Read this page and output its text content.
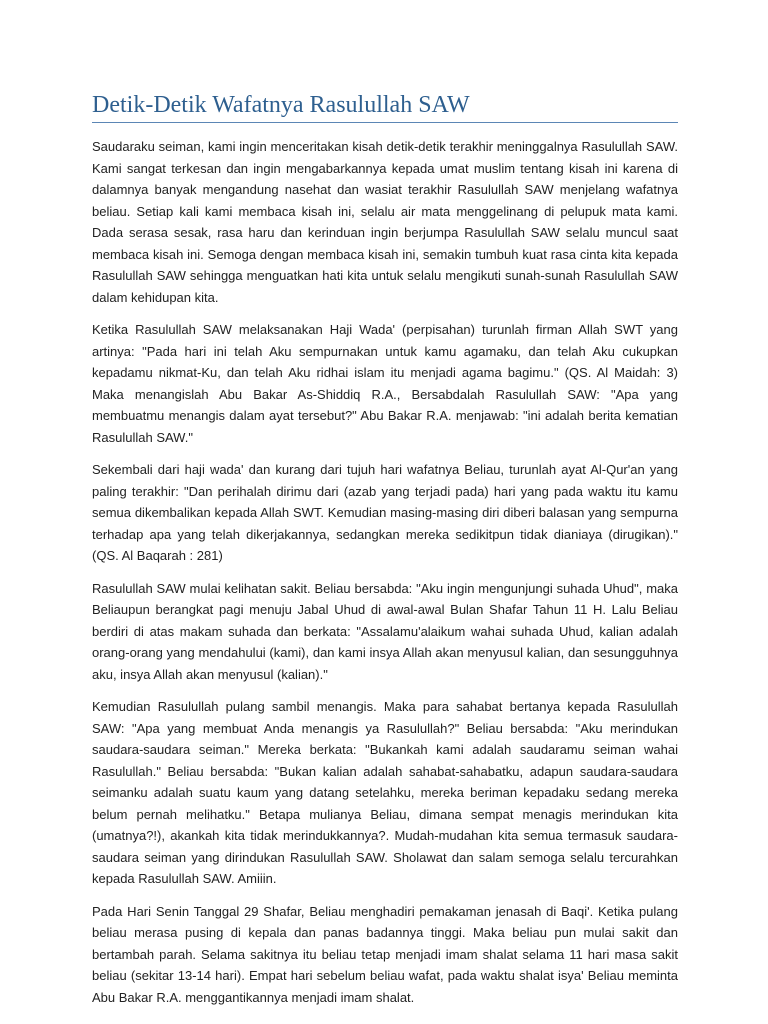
Detik-Detik Wafatnya Rasulullah SAW

Saudaraku seiman, kami ingin menceritakan kisah detik-detik terakhir meninggalnya Rasulullah SAW. Kami sangat terkesan dan ingin mengabarkannya kepada umat muslim tentang kisah ini karena di dalamnya banyak mengandung nasehat dan wasiat terakhir Rasulullah SAW menjelang wafatnya beliau. Setiap kali kami membaca kisah ini, selalu air mata menggelinang di pelupuk mata kami. Dada serasa sesak, rasa haru dan kerinduan ingin berjumpa Rasulullah SAW selalu muncul saat membaca kisah ini. Semoga dengan membaca kisah ini, semakin tumbuh kuat rasa cinta kita kepada Rasulullah SAW sehingga menguatkan hati kita untuk selalu mengikuti sunah-sunah Rasulullah SAW dalam kehidupan kita.

Ketika Rasulullah SAW melaksanakan Haji Wada' (perpisahan) turunlah firman Allah SWT yang artinya: "Pada hari ini telah Aku sempurnakan untuk kamu agamaku, dan telah Aku cukupkan kepadamu nikmat-Ku, dan telah Aku ridhai islam itu menjadi agama bagimu." (QS. Al Maidah: 3) Maka menangislah Abu Bakar As-Shiddiq R.A., Bersabdalah Rasulullah SAW: "Apa yang membuatmu menangis dalam ayat tersebut?" Abu Bakar R.A. menjawab: "ini adalah berita kematian Rasulullah SAW."

Sekembali dari haji wada' dan kurang dari tujuh hari wafatnya Beliau, turunlah ayat Al-Qur'an yang paling terakhir: "Dan perihalah dirimu dari (azab yang terjadi pada) hari yang pada waktu itu kamu semua dikembalikan kepada Allah SWT. Kemudian masing-masing diri diberi balasan yang sempurna terhadap apa yang telah dikerjakannya, sedangkan mereka sedikitpun tidak dianiaya (dirugikan)." (QS. Al Baqarah : 281)

Rasulullah SAW mulai kelihatan sakit. Beliau bersabda: "Aku ingin mengunjungi suhada Uhud", maka Beliaupun berangkat pagi menuju Jabal Uhud di awal-awal Bulan Shafar Tahun 11 H. Lalu Beliau berdiri di atas makam suhada dan berkata: "Assalamu'alaikum wahai suhada Uhud, kalian adalah orang-orang yang mendahului (kami), dan kami insya Allah akan menyusul kalian, dan sesungguhnya aku, insya Allah akan menyusul (kalian)."

Kemudian Rasulullah pulang sambil menangis. Maka para sahabat bertanya kepada Rasulullah SAW: "Apa yang membuat Anda menangis ya Rasulullah?" Beliau bersabda: "Aku merindukan saudara-saudara seiman." Mereka berkata: "Bukankah kami adalah saudaramu seiman wahai Rasulullah." Beliau bersabda: "Bukan kalian adalah sahabat-sahabatku, adapun saudara-saudara seimanku adalah suatu kaum yang datang setelahku, mereka beriman kepadaku sedang mereka belum pernah melihatku." Betapa mulianya Beliau, dimana sempat menagis merindukan kita (umatnya?!), akankah kita tidak merindukkannya?. Mudah-mudahan kita semua termasuk saudara-saudara seiman yang dirindukan Rasulullah SAW. Sholawat dan salam semoga selalu tercurahkan kepada Rasulullah SAW. Amiiin.

Pada Hari Senin Tanggal 29 Shafar, Beliau menghadiri pemakaman jenasah di Baqi'. Ketika pulang beliau merasa pusing di kepala dan panas badannya tinggi. Maka beliau pun mulai sakit dan bertambah parah. Selama sakitnya itu beliau tetap menjadi imam shalat selama 11 hari masa sakit beliau (sekitar 13-14 hari). Empat hari sebelum beliau wafat, pada waktu shalat isya' Beliau meminta Abu Bakar R.A. menggantikannya menjadi imam shalat.
